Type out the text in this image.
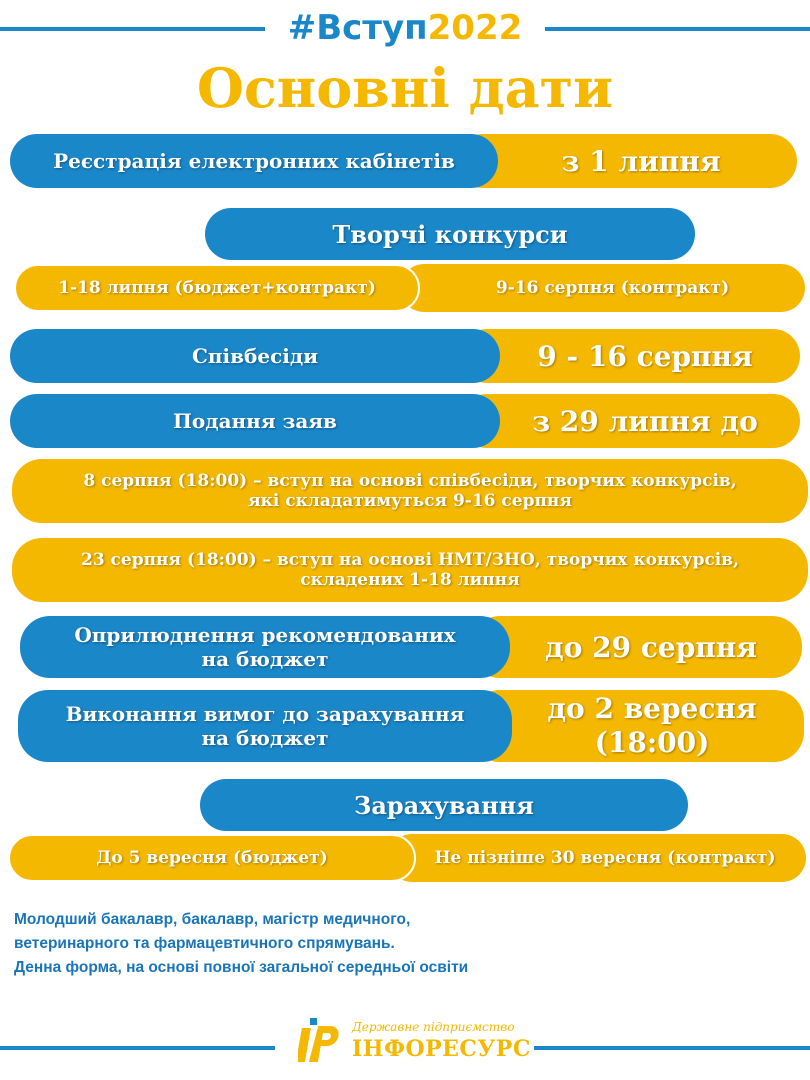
#Вступ2022
Основні дати
з 1 липня
Реєстрація електронних кабінетів
Творчі конкурси
9-16 серпня (контракт)
1-18 липня (бюджет+контракт)
9 - 16 серпня
Співбесіди
з 29 липня до
Подання заяв
8 серпня (18:00) – вступ на основі співбесіди, творчих конкурсів,
які складатимуться 9-16 серпня
23 серпня (18:00) – вступ на основі НМТ/ЗНО, творчих конкурсів,
складених 1-18 липня
до 29 серпня
Оприлюднення рекомендованих
на бюджет
до 2 вересня
(18:00)
Виконання вимог до зарахування
на бюджет
Зарахування
Не пізніше 30 вересня (контракт)
До 5 вересня (бюджет)
Молодший бакалавр, бакалавр, магістр медичного,
ветеринарного та фармацевтичного спрямувань.
Денна форма, на основі повної загальної середньої освіти
Державне підприємство
ІНФОРЕСУРС
